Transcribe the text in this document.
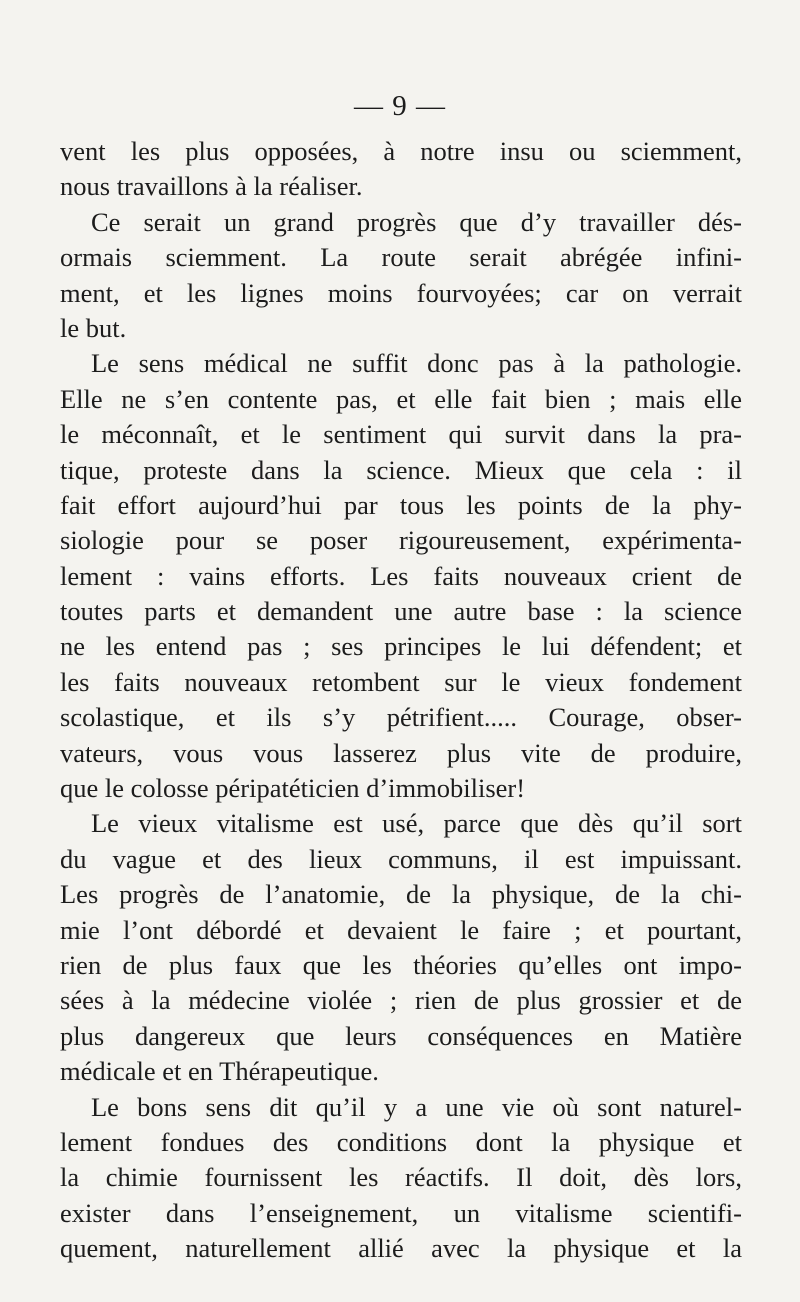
— 9 —
vent les plus opposées, à notre insu ou sciemment,
nous travaillons à la réaliser.
Ce serait un grand progrès que d’y travailler dés-
ormais sciemment. La route serait abrégée infini-
ment, et les lignes moins fourvoyées; car on verrait
le but.
Le sens médical ne suffit donc pas à la pathologie.
Elle ne s’en contente pas, et elle fait bien ; mais elle
le méconnaît, et le sentiment qui survit dans la pra-
tique, proteste dans la science. Mieux que cela : il
fait effort aujourd’hui par tous les points de la phy-
siologie pour se poser rigoureusement, expérimenta-
lement : vains efforts. Les faits nouveaux crient de
toutes parts et demandent une autre base : la science
ne les entend pas ; ses principes le lui défendent; et
les faits nouveaux retombent sur le vieux fondement
scolastique, et ils s’y pétrifient..... Courage, obser-
vateurs, vous vous lasserez plus vite de produire,
que le colosse péripatéticien d’immobiliser!
Le vieux vitalisme est usé, parce que dès qu’il sort
du vague et des lieux communs, il est impuissant.
Les progrès de l’anatomie, de la physique, de la chi-
mie l’ont débordé et devaient le faire ; et pourtant,
rien de plus faux que les théories qu’elles ont impo-
sées à la médecine violée ; rien de plus grossier et de
plus dangereux que leurs conséquences en Matière
médicale et en Thérapeutique.
Le bons sens dit qu’il y a une vie où sont naturel-
lement fondues des conditions dont la physique et
la chimie fournissent les réactifs. Il doit, dès lors,
exister dans l’enseignement, un vitalisme scientifi-
quement, naturellement allié avec la physique et la
